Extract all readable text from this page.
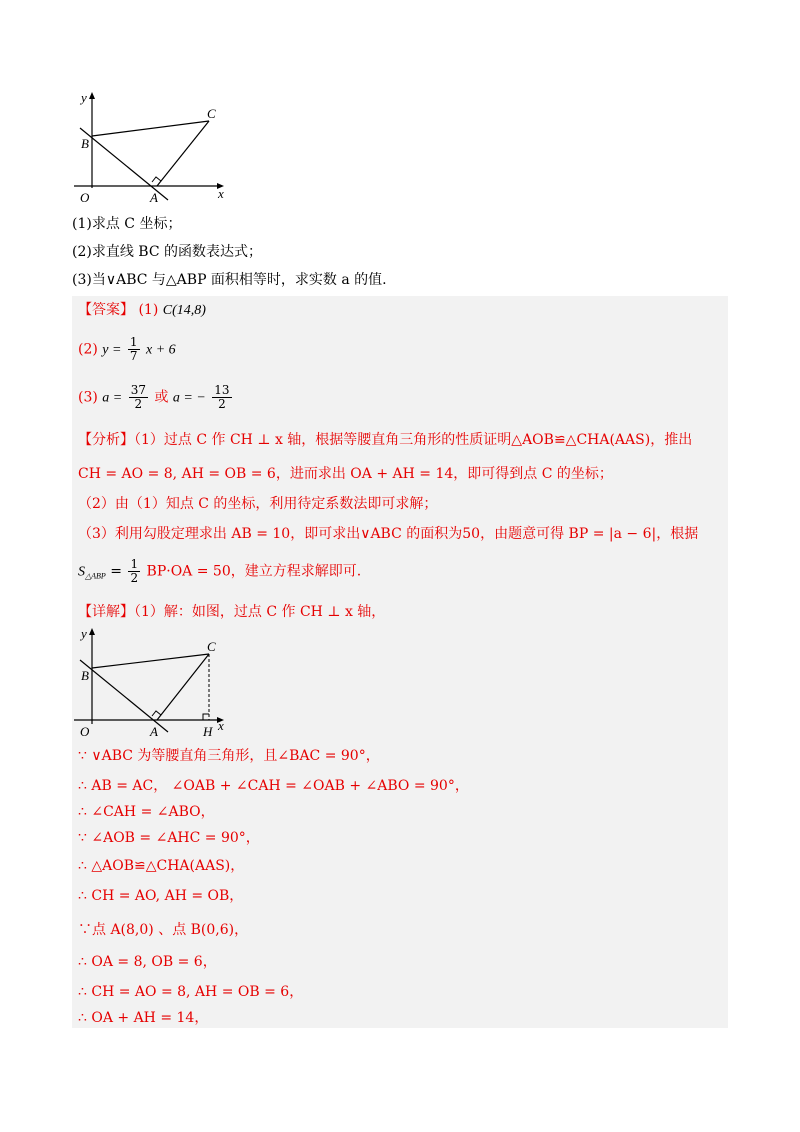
y
B
C
O	A	x
(1)求点 C 坐标；
(2)求直线 BC 的函数表达式；
(3)当∨ABC 与△ABP 面积相等时，求实数 a 的值.
【答案】 (1) C(14,8)
(2) $y = \frac{1}{7}$ x + 6
(3) $a = \frac{37}{2}$ 或 a = − $\frac{13}{2}$
【分析】（1）过点 C 作 CH ⊥ x 轴，根据等腰直角三角形的性质证明△AOB≌△CHA(AAS)，推出
CH = AO = 8, AH = OB = 6，进而求出 OA + AH = 14，即可得到点 C 的坐标；
（2）由（1）知点 C 的坐标，利用待定系数法即可求解；
（3）利用勾股定理求出 AB = 10，即可求出∨ABC 的面积为50，由题意可得 BP = |a − 6|，根据
$S_{\triangle ABP} = \frac{1}{2} BP\cdot OA = 50$，建立方程求解即可.
【详解】（1）解：如图，过点 C 作 CH ⊥ x 轴，
y
B
C
O	A	H x
∵ ∨ABC 为等腰直角三角形，且∠BAC = 90°，
∴ AB = AC， ∠OAB + ∠CAH = ∠OAB + ∠ABO = 90°，
∴ ∠CAH = ∠ABO，
∵ ∠AOB = ∠AHC = 90°，
∴ △AOB≌△CHA(AAS)，
∴ CH = AO, AH = OB，
∵点 A(8,0) 、点 B(0,6)，
∴ OA = 8, OB = 6，
∴ CH = AO = 8, AH = OB = 6，
∴ OA + AH = 14，
